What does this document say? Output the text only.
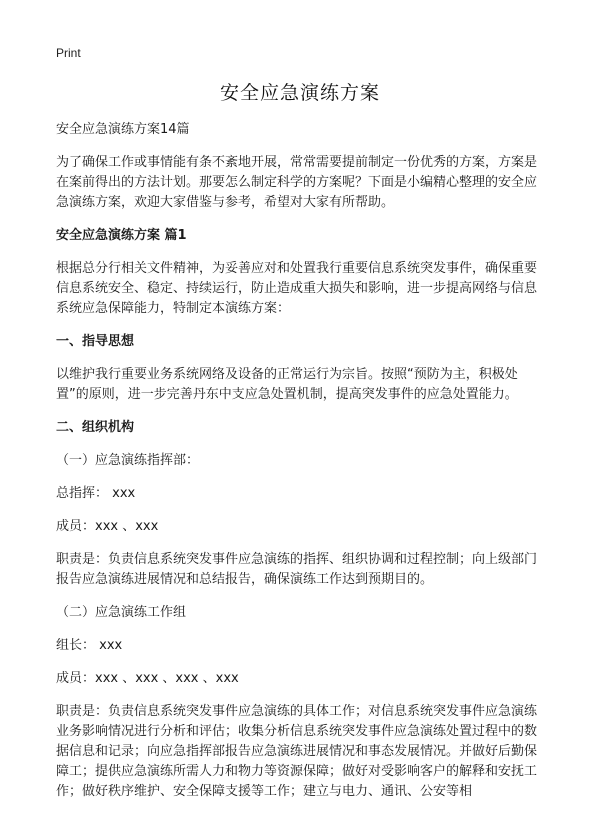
Print
安全应急演练方案

安全应急演练方案14篇

为了确保工作或事情能有条不紊地开展，常常需要提前制定一份优秀的方案，方案是在案前得出的方法计划。那要怎么制定科学的方案呢？下面是小编精心整理的安全应急演练方案，欢迎大家借鉴与参考，希望对大家有所帮助。

安全应急演练方案 篇1

根据总分行相关文件精神，为妥善应对和处置我行重要信息系统突发事件，确保重要信息系统安全、稳定、持续运行，防止造成重大损失和影响，进一步提高网络与信息系统应急保障能力，特制定本演练方案：

一、指导思想

以维护我行重要业务系统网络及设备的正常运行为宗旨。按照“预防为主，积极处置”的原则，进一步完善丹东中支应急处置机制，提高突发事件的应急处置能力。

二、组织机构

（一）应急演练指挥部：

总指挥： xxx

成员：xxx 、xxx

职责是：负责信息系统突发事件应急演练的指挥、组织协调和过程控制；向上级部门报告应急演练进展情况和总结报告，确保演练工作达到预期目的。

（二）应急演练工作组

组长： xxx

成员：xxx 、xxx 、xxx 、xxx

职责是：负责信息系统突发事件应急演练的具体工作；对信息系统突发事件应急演练业务影响情况进行分析和评估；收集分析信息系统突发事件应急演练处置过程中的数据信息和记录；向应急指挥部报告应急演练进展情况和事态发展情况。并做好后勤保障工；提供应急演练所需人力和物力等资源保障；做好对受影响客户的解释和安抚工作；做好秩序维护、安全保障支援等工作；建立与电力、通讯、公安等相
